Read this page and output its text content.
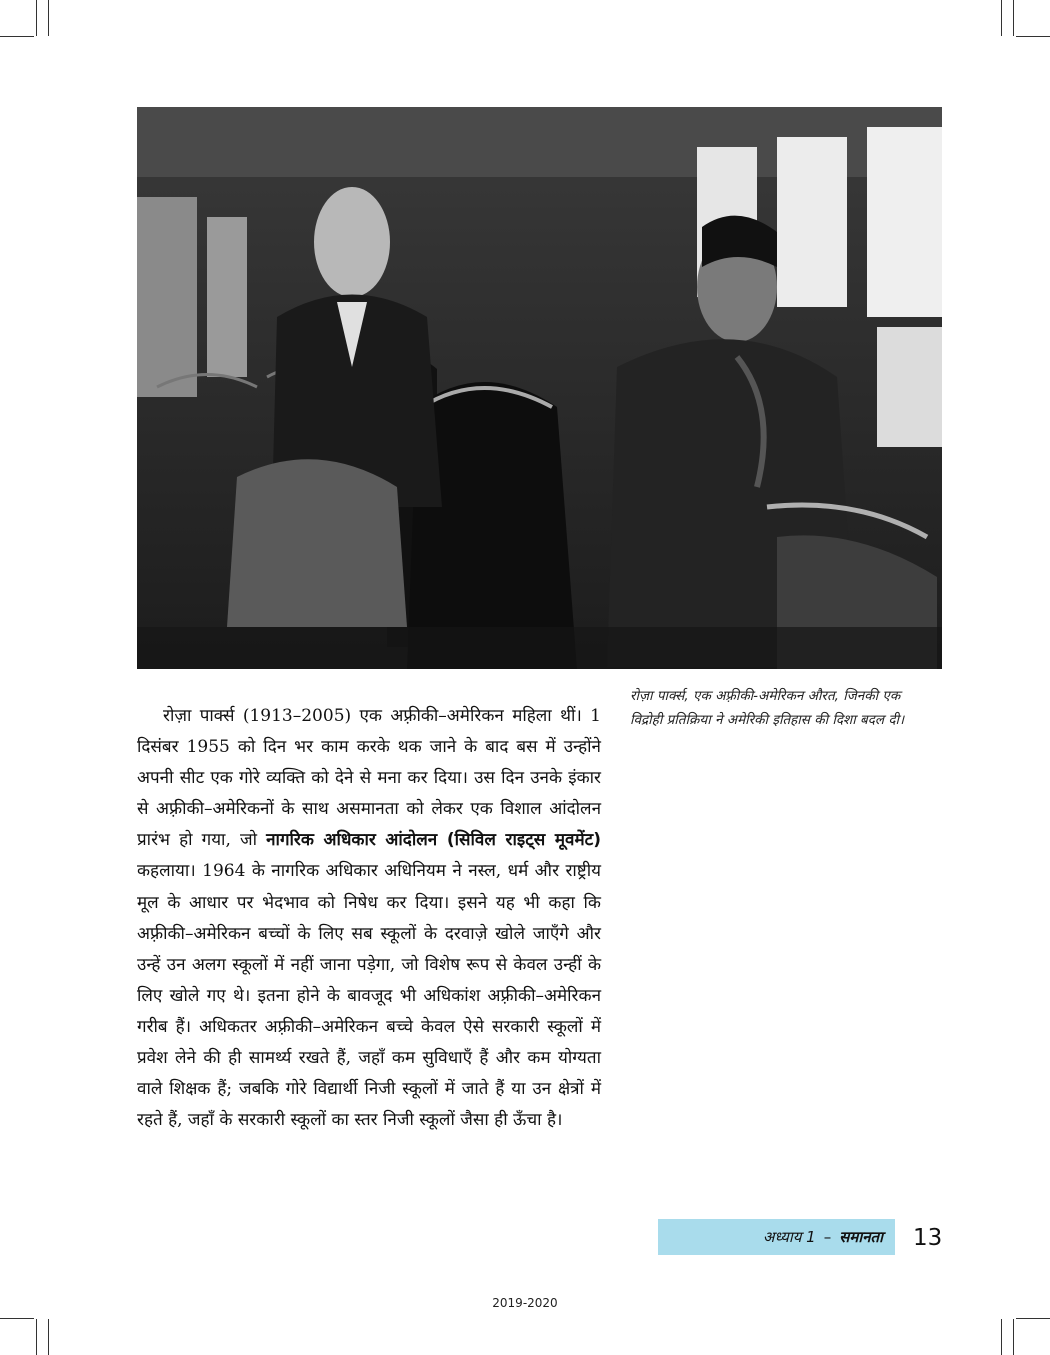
रोज़ा पार्क्स (1913–2005) एक अफ़्रीकी–अमेरिकन महिला थीं। 1 दिसंबर 1955 को दिन भर काम करके थक जाने के बाद बस में उन्होंने अपनी सीट एक गोरे व्यक्ति को देने से मना कर दिया। उस दिन उनके इंकार से अफ़्रीकी–अमेरिकनों के साथ असमानता को लेकर एक विशाल आंदोलन प्रारंभ हो गया, जो नागरिक अधिकार आंदोलन (सिविल राइट्स मूवमेंट) कहलाया। 1964 के नागरिक अधिकार अधिनियम ने नस्ल, धर्म और राष्ट्रीय मूल के आधार पर भेदभाव को निषेध कर दिया। इसने यह भी कहा कि अफ़्रीकी–अमेरिकन बच्चों के लिए सब स्कूलों के दरवाज़े खोले जाएँगे और उन्हें उन अलग स्कूलों में नहीं जाना पड़ेगा, जो विशेष रूप से केवल उन्हीं के लिए खोले गए थे। इतना होने के बावजूद भी अधिकांश अफ़्रीकी–अमेरिकन गरीब हैं। अधिकतर अफ़्रीकी–अमेरिकन बच्चे केवल ऐसे सरकारी स्कूलों में प्रवेश लेने की ही सामर्थ्य रखते हैं, जहाँ कम सुविधाएँ हैं और कम योग्यता वाले शिक्षक हैं; जबकि गोरे विद्यार्थी निजी स्कूलों में जाते हैं या उन क्षेत्रों में रहते हैं, जहाँ के सरकारी स्कूलों का स्तर निजी स्कूलों जैसा ही ऊँचा है।

रोज़ा पार्क्स, एक अफ़्रीकी-अमेरिकन औरत, जिनकी एक विद्रोही प्रतिक्रिया ने अमेरिकी इतिहास की दिशा बदल दी।
अध्याय 1 – समानता 13
2019-2020
